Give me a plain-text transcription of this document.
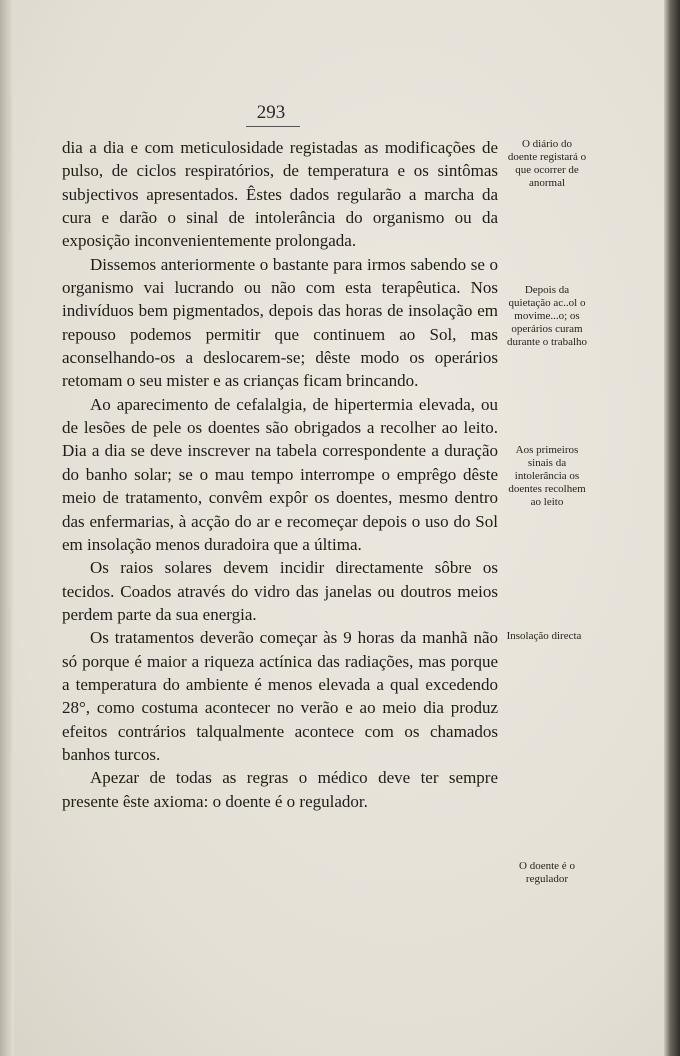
293

dia a dia e com meticulosidade registadas as modificações de pulso, de ciclos respiratórios, de temperatura e os sintômas subjectivos apresentados. Êstes dados regularão a marcha da cura e darão o sinal de intolerância do organismo ou da exposição inconvenientemente prolongada.

Dissemos anteriormente o bastante para irmos sabendo se o organismo vai lucrando ou não com esta terapêutica. Nos indivíduos bem pigmentados, depois das horas de insolação em repouso podemos permitir que continuem ao Sol, mas aconselhando-os a deslocarem-se; dêste modo os operários retomam o seu mister e as crianças ficam brincando.

Ao aparecimento de cefalalgia, de hipertermia elevada, ou de lesões de pele os doentes são obrigados a recolher ao leito. Dia a dia se deve inscrever na tabela correspondente a duração do banho solar; se o mau tempo interrompe o emprêgo dêste meio de tratamento, convêm expôr os doentes, mesmo dentro das enfermarias, à acção do ar e recomeçar depois o uso do Sol em insolação menos duradoira que a última.

Os raios solares devem incidir directamente sôbre os tecidos. Coados através do vidro das janelas ou doutros meios perdem parte da sua energia.

Os tratamentos deverão começar às 9 horas da manhã não só porque é maior a riqueza actínica das radiações, mas porque a temperatura do ambiente é menos elevada a qual excedendo 28°, como costuma acontecer no verão e ao meio dia produz efeitos contrários talqualmente acontece com os chamados banhos turcos.

Apezar de todas as regras o médico deve ter sempre presente êste axioma: o doente é o regulador.

O diário do doente registará o que ocorrer de anormal
Depois da quietação ac..ol o movime...o; os operários curam durante o trabalho
Aos primeiros sinais da intolerância os doentes recolhem ao leito
Insolação directa
O doente é o regulador
